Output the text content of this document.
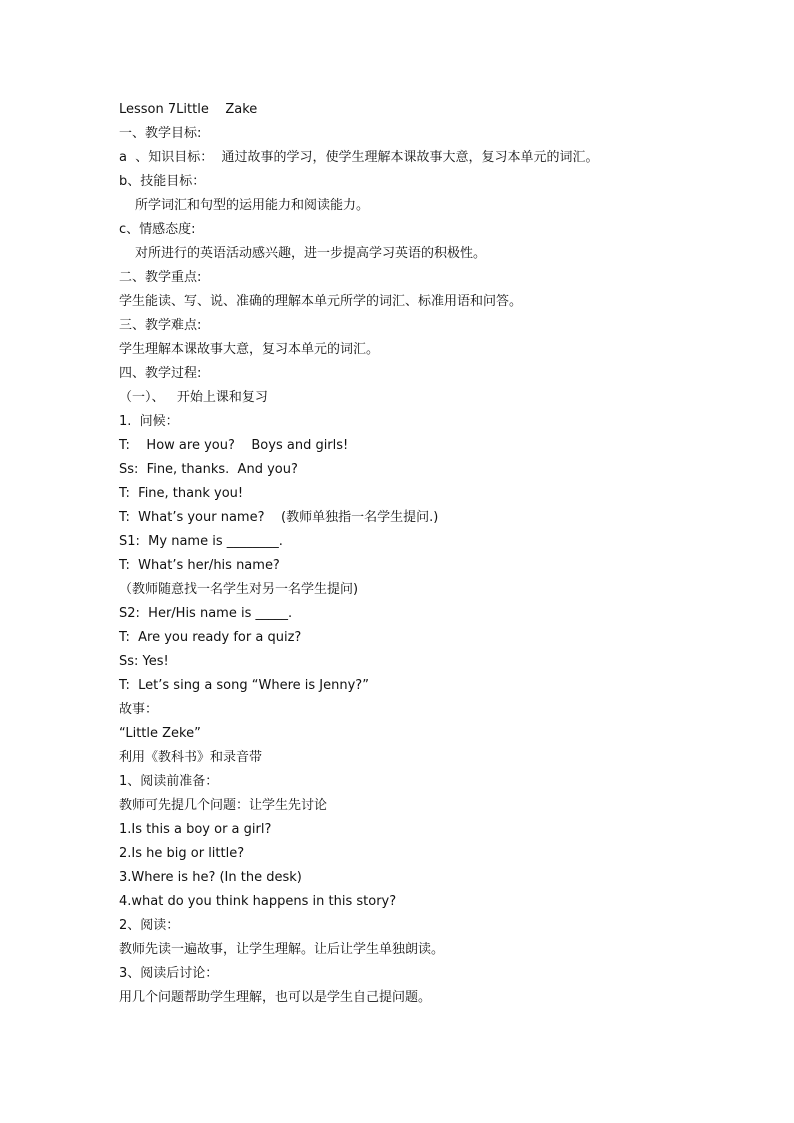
Lesson 7Little    Zake
一、教学目标:
a  、知识目标：  通过故事的学习，使学生理解本课故事大意，复习本单元的词汇。
b、技能目标：
所学词汇和句型的运用能力和阅读能力。
c、情感态度:
对所进行的英语活动感兴趣，进一步提高学习英语的积极性。
二、教学重点:
学生能读、写、说、准确的理解本单元所学的词汇、标准用语和问答。
三、教学难点:
学生理解本课故事大意，复习本单元的词汇。
四、教学过程:
（一）、   开始上课和复习
1.  问候：
T:    How are you?    Boys and girls!
Ss:  Fine, thanks.  And you?
T:  Fine, thank you!
T:  What’s your name?    (教师单独指一名学生提问.)
S1:  My name is ________.
T:  What’s her/his name?
（教师随意找一名学生对另一名学生提问)
S2:  Her/His name is _____.
T:  Are you ready for a quiz?
Ss: Yes!
T:  Let’s sing a song “Where is Jenny?”
故事：
“Little Zeke”
利用《教科书》和录音带
1、阅读前准备：
教师可先提几个问题：让学生先讨论
1.Is this a boy or a girl?
2.Is he big or little?
3.Where is he? (In the desk)
4.what do you think happens in this story?
2、阅读：
教师先读一遍故事，让学生理解。让后让学生单独朗读。
3、阅读后讨论：
用几个问题帮助学生理解，也可以是学生自己提问题。
